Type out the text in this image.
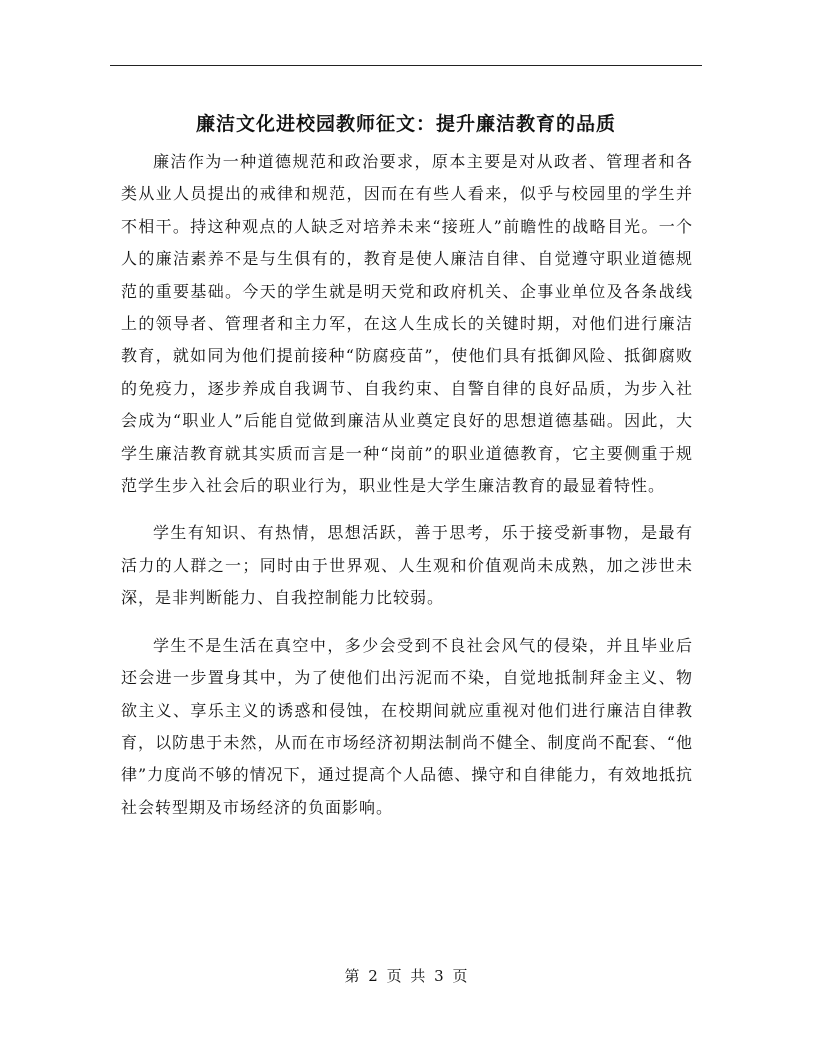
廉洁文化进校园教师征文：提升廉洁教育的品质

廉洁作为一种道德规范和政治要求，原本主要是对从政者、管理者和各类从业人员提出的戒律和规范，因而在有些人看来，似乎与校园里的学生并不相干。持这种观点的人缺乏对培养未来“接班人”前瞻性的战略目光。一个人的廉洁素养不是与生俱有的，教育是使人廉洁自律、自觉遵守职业道德规范的重要基础。今天的学生就是明天党和政府机关、企事业单位及各条战线上的领导者、管理者和主力军，在这人生成长的关键时期，对他们进行廉洁教育，就如同为他们提前接种“防腐疫苗”，使他们具有抵御风险、抵御腐败的免疫力，逐步养成自我调节、自我约束、自警自律的良好品质，为步入社会成为“职业人”后能自觉做到廉洁从业奠定良好的思想道德基础。因此，大学生廉洁教育就其实质而言是一种“岗前”的职业道德教育，它主要侧重于规范学生步入社会后的职业行为，职业性是大学生廉洁教育的最显着特性。

学生有知识、有热情，思想活跃，善于思考，乐于接受新事物，是最有活力的人群之一；同时由于世界观、人生观和价值观尚未成熟，加之涉世未深，是非判断能力、自我控制能力比较弱。

学生不是生活在真空中，多少会受到不良社会风气的侵染，并且毕业后还会进一步置身其中，为了使他们出污泥而不染，自觉地抵制拜金主义、物欲主义、享乐主义的诱惑和侵蚀，在校期间就应重视对他们进行廉洁自律教育，以防患于未然，从而在市场经济初期法制尚不健全、制度尚不配套、“他律”力度尚不够的情况下，通过提高个人品德、操守和自律能力，有效地抵抗社会转型期及市场经济的负面影响。

第 2 页 共 3 页
